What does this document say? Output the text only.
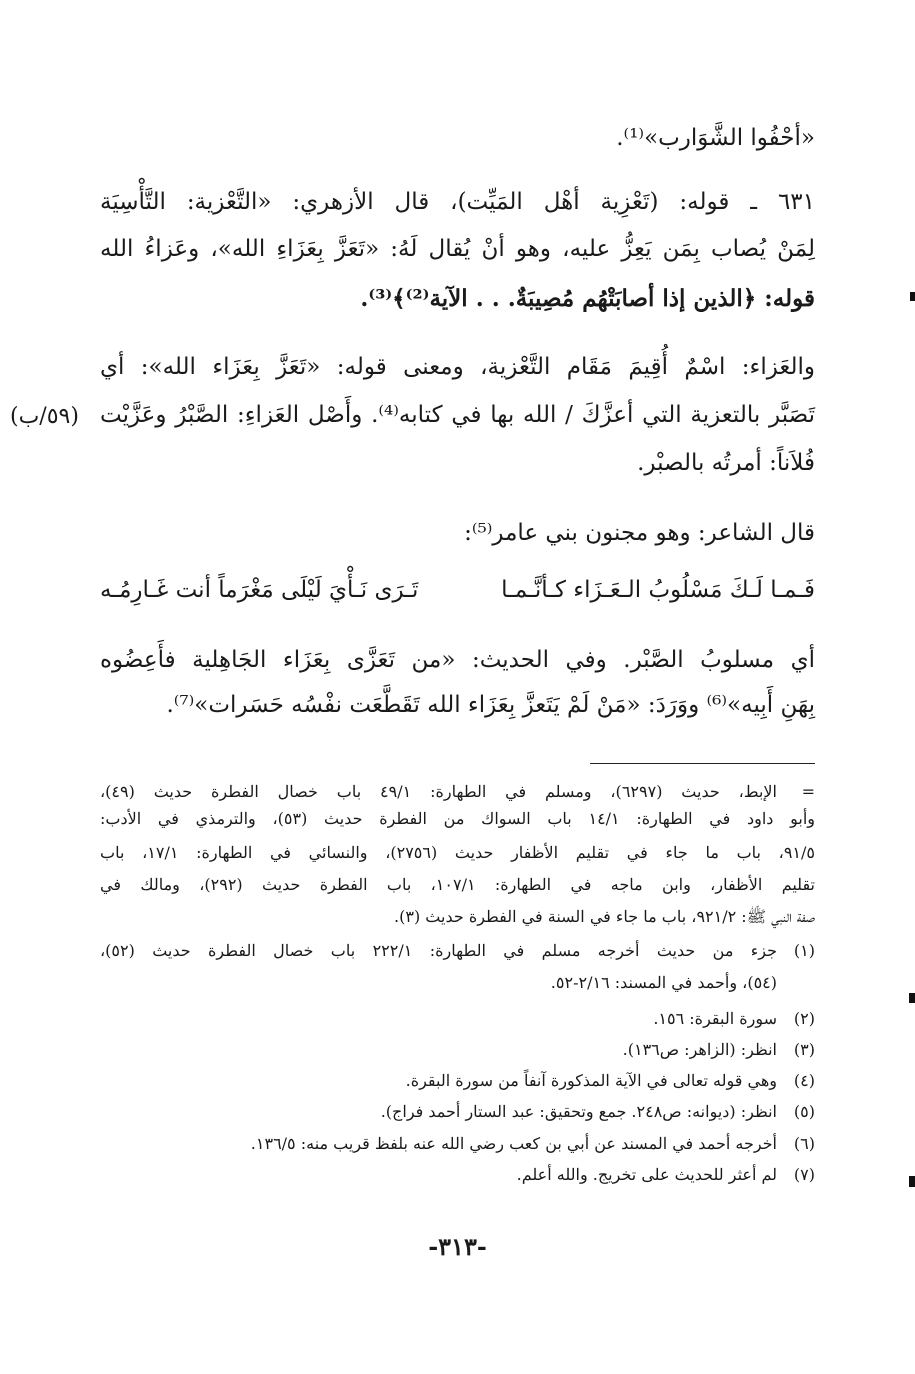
«أحْفُوا الشَّوَارب»⁽¹⁾.
٦٣١ ـ قوله: (تَعْزِية أهْل المَيِّت)، قال الأزهري: «التَّعْزية: التَّأْسِيَة
لِمَنْ يُصاب بِمَن يَعِزُّ عليه، وهو أنْ يُقال لَهُ: «تَعَزَّ بِعَزَاءِ الله»، وعَزاءُ الله
قوله: ﴿الذين إذا أصابَتْهُم مُصِيبَةٌ. . . الآية⁽²⁾﴾⁽³⁾.
والعَزاء: اسْمٌ أُقِيمَ مَقَام التَّعْزية، ومعنى قوله: «تَعَزَّ بِعَزَاء الله»: أي
تَصَبَّر بالتعزية التي أعزَّكَ / الله بها في كتابه⁽⁴⁾. وأَصْل العَزاءِ: الصَّبْرُ وعَزَّيْت
فُلاَناً: أمرتُه بالصبْر.
قال الشاعر: وهو مجنون بني عامر⁽⁵⁾:
تَـرَى نَـأْيَ لَيْلَى مَغْرَماً أنت غَـارِمُـه	فَـمـا لَـكَ مَسْلُوبُ الـعَـزَاء كـأنَّـمـا
أي مسلوبُ الصَّبْر. وفي الحديث: «من تَعَزَّى بِعَزَاء الجَاهِلية فأَعِضُوه
بِهَنِ أَبِيه»⁽⁶⁾ ووَرَدَ: «مَنْ لَمْ يَتَعزَّ بِعَزَاء الله تَقَطَّعَت نفْسُه حَسَرات»⁽⁷⁾.
(٥٩/ب)
=الإبط، حديث (٦٢٩٧)، ومسلم في الطهارة: ٤٩/١ باب خصال الفطرة حديث (٤٩)،
وأبو داود في الطهارة: ١٤/١ باب السواك من الفطرة حديث (٥٣)، والترمذي في الأدب:
٩١/٥، باب ما جاء في تقليم الأظفار حديث (٢٧٥٦)، والنسائي في الطهارة: ١٧/١، باب
تقليم الأظفار، وابن ماجه في الطهارة: ١٠٧/١، باب الفطرة حديث (٢٩٢)، ومالك في
صفة النبي ﷺ: ٩٢١/٢، باب ما جاء في السنة في الفطرة حديث (٣).
(١)جزء من حديث أخرجه مسلم في الطهارة: ٢٢٢/١ باب خصال الفطرة حديث (٥٢)،
(٥٤)، وأحمد في المسند: ٢/١٦-٥٢.
(٢)سورة البقرة: ١٥٦.
(٣)انظر: (الزاهر: ص١٣٦).
(٤)وهي قوله تعالى في الآية المذكورة آنفاً من سورة البقرة.
(٥)انظر: (ديوانه: ص٢٤٨. جمع وتحقيق: عبد الستار أحمد فراج).
(٦)أخرجه أحمد في المسند عن أبي بن كعب رضي الله عنه بلفظ قريب منه: ١٣٦/٥.
(٧)لم أعثر للحديث على تخريج. والله أعلم.
-٣١٣-
